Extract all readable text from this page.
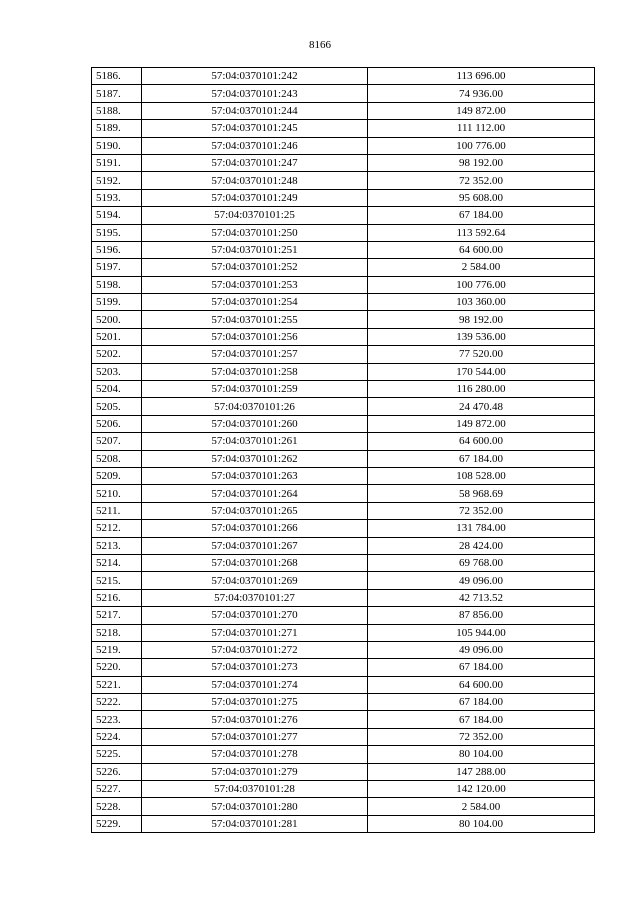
8166
5186.	57:04:0370101:242	113 696.00
5187.	57:04:0370101:243	74 936.00
5188.	57:04:0370101:244	149 872.00
5189.	57:04:0370101:245	111 112.00
5190.	57:04:0370101:246	100 776.00
5191.	57:04:0370101:247	98 192.00
5192.	57:04:0370101:248	72 352.00
5193.	57:04:0370101:249	95 608.00
5194.	57:04:0370101:25	67 184.00
5195.	57:04:0370101:250	113 592.64
5196.	57:04:0370101:251	64 600.00
5197.	57:04:0370101:252	2 584.00
5198.	57:04:0370101:253	100 776.00
5199.	57:04:0370101:254	103 360.00
5200.	57:04:0370101:255	98 192.00
5201.	57:04:0370101:256	139 536.00
5202.	57:04:0370101:257	77 520.00
5203.	57:04:0370101:258	170 544.00
5204.	57:04:0370101:259	116 280.00
5205.	57:04:0370101:26	24 470.48
5206.	57:04:0370101:260	149 872.00
5207.	57:04:0370101:261	64 600.00
5208.	57:04:0370101:262	67 184.00
5209.	57:04:0370101:263	108 528.00
5210.	57:04:0370101:264	58 968.69
5211.	57:04:0370101:265	72 352.00
5212.	57:04:0370101:266	131 784.00
5213.	57:04:0370101:267	28 424.00
5214.	57:04:0370101:268	69 768.00
5215.	57:04:0370101:269	49 096.00
5216.	57:04:0370101:27	42 713.52
5217.	57:04:0370101:270	87 856.00
5218.	57:04:0370101:271	105 944.00
5219.	57:04:0370101:272	49 096.00
5220.	57:04:0370101:273	67 184.00
5221.	57:04:0370101:274	64 600.00
5222.	57:04:0370101:275	67 184.00
5223.	57:04:0370101:276	67 184.00
5224.	57:04:0370101:277	72 352.00
5225.	57:04:0370101:278	80 104.00
5226.	57:04:0370101:279	147 288.00
5227.	57:04:0370101:28	142 120.00
5228.	57:04:0370101:280	2 584.00
5229.	57:04:0370101:281	80 104.00
